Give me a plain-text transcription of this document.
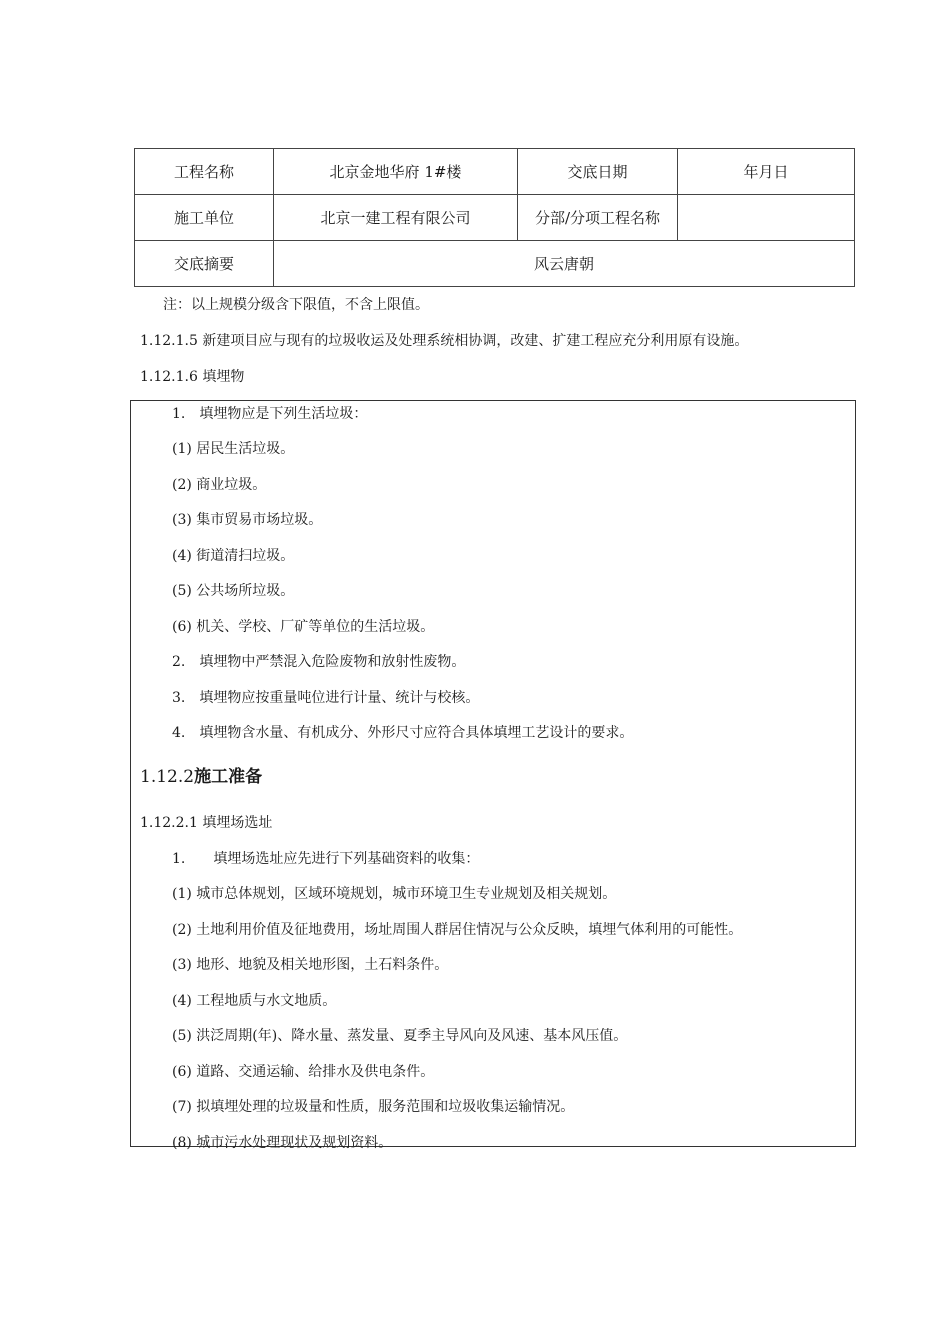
工程名称	北京金地华府 1#楼	交底日期	年月日
施工单位	北京一建工程有限公司	分部/分项工程名称	
交底摘要	风云唐朝		
注：以上规模分级含下限值，不含上限值。
1.12.1.5 新建项目应与现有的垃圾收运及处理系统相协调，改建、扩建工程应充分利用原有设施。
1.12.1.6 填埋物
1.　填埋物应是下列生活垃圾：
(1) 居民生活垃圾。
(2) 商业垃圾。
(3) 集市贸易市场垃圾。
(4) 街道清扫垃圾。
(5) 公共场所垃圾。
(6) 机关、学校、厂矿等单位的生活垃圾。
2.　填埋物中严禁混入危险废物和放射性废物。
3.　填埋物应按重量吨位进行计量、统计与校核。
4.　填埋物含水量、有机成分、外形尺寸应符合具体填埋工艺设计的要求。
1.12.2施工准备
1.12.2.1 填埋场选址
1.　　填埋场选址应先进行下列基础资料的收集：
(1) 城市总体规划，区域环境规划，城市环境卫生专业规划及相关规划。
(2) 土地利用价值及征地费用，场址周围人群居住情况与公众反映，填埋气体利用的可能性。
(3) 地形、地貌及相关地形图，土石料条件。
(4) 工程地质与水文地质。
(5) 洪泛周期(年)、降水量、蒸发量、夏季主导风向及风速、基本风压值。
(6) 道路、交通运输、给排水及供电条件。
(7) 拟填埋处理的垃圾量和性质，服务范围和垃圾收集运输情况。
(8) 城市污水处理现状及规划资料。
